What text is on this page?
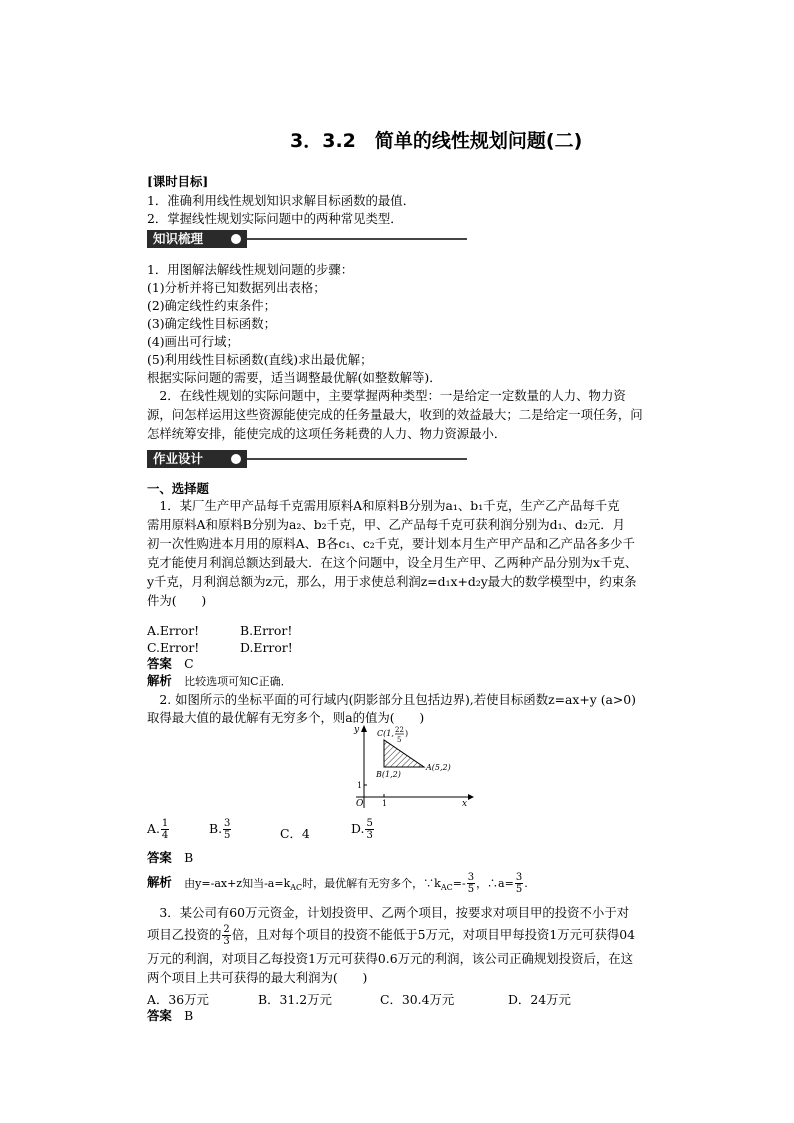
3．3.2　简单的线性规划问题(二)
[课时目标]
1．准确利用线性规划知识求解目标函数的最值．
2．掌握线性规划实际问题中的两种常见类型．
知识梳理
1．用图解法解线性规划问题的步骤：
(1)分析并将已知数据列出表格；
(2)确定线性约束条件；
(3)确定线性目标函数；
(4)画出可行域；
(5)利用线性目标函数(直线)求出最优解；
根据实际问题的需要，适当调整最优解(如整数解等)．
　2．在线性规划的实际问题中，主要掌握两种类型：一是给定一定数量的人力、物力资
源，问怎样运用这些资源能使完成的任务量最大，收到的效益最大；二是给定一项任务，问
怎样统筹安排，能使完成的这项任务耗费的人力、物力资源最小．
作业设计
一、选择题
　1．某厂生产甲产品每千克需用原料A和原料B分别为a₁、b₁千克，生产乙产品每千克
需用原料A和原料B分别为a₂、b₂千克，甲、乙产品每千克可获利润分别为d₁、d₂元．月
初一次性购进本月用的原料A、B各c₁、c₂千克，要计划本月生产甲产品和乙产品各多少千
克才能使月利润总额达到最大．在这个问题中，设全月生产甲、乙两种产品分别为x千克、
y千克，月利润总额为z元，那么，用于求使总利润z=d₁x+d₂y最大的数学模型中，约束条
件为(　　)
A.Error!	B.Error!
C.Error!	D.Error!
答案　 C
解析　 比较选项可知C正确．
　2. 如图所示的坐标平面的可行域内(阴影部分且包括边界),若使目标函数z=ax+y (a>0)
取得最大值的最优解有无穷多个，则a的值为(　　)
y
x
O 1
1
C(1, 22
5
)
B(1,2)
A(5,2)
A. $\frac{1}{4}$	B. $\frac{3}{5}$	C．4	D. $\frac{5}{3}$
答案　 B
解析　 由y=-ax+z知当$-a=k_{AC}$时，最优解有无穷多个，$\because k_{AC}=- \frac{3}{5}$ ，∴a= $\frac{3}{5}$ .
　3．某公司有60万元资金，计划投资甲、乙两个项目，按要求对项目甲的投资不小于对
项目乙投资的 $\frac{2}{3}$ 倍，且对每个项目的投资不能低于5万元，对项目甲每投资1万元可获得04
万元的利润，对项目乙每投资1万元可获得0.6万元的利润，该公司正确规划投资后，在这
两个项目上共可获得的最大利润为(　　)
A．36万元	B．31.2万元	C．30.4万元	D．24万元
答案　 B
